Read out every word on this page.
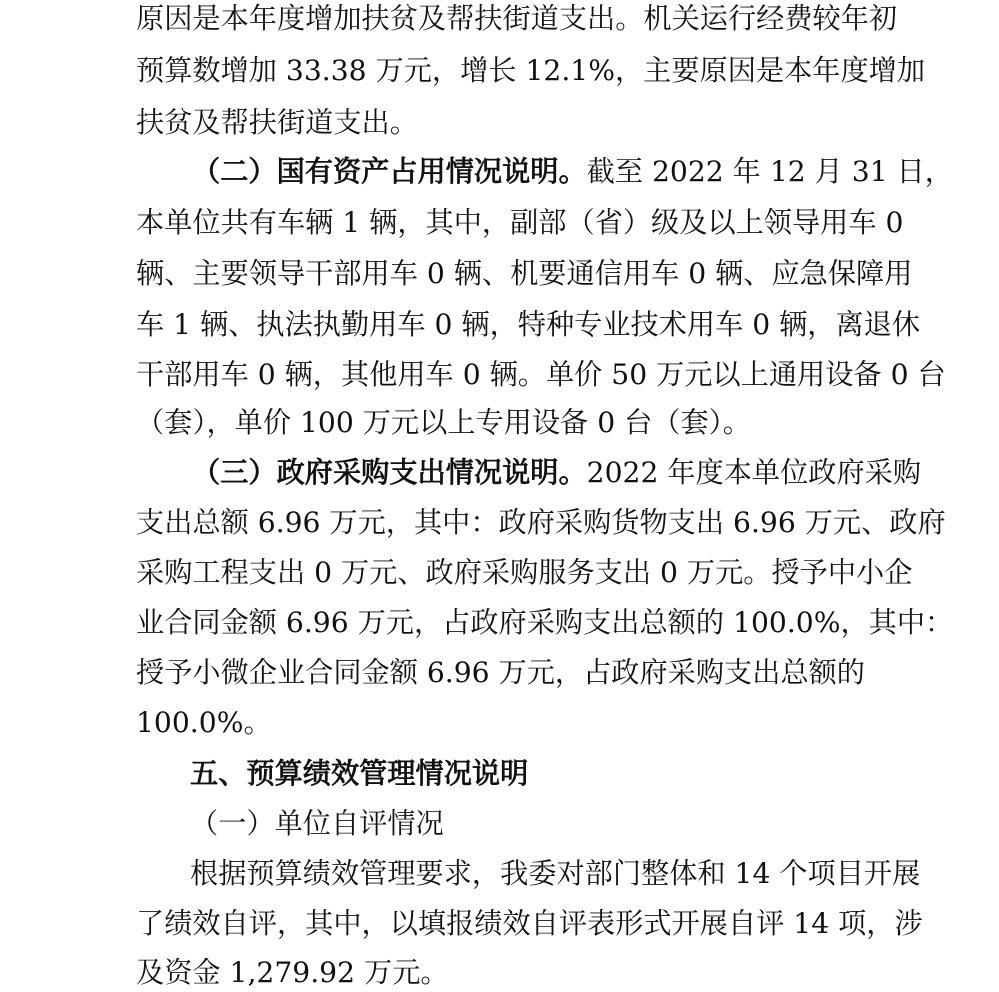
原因是本年度增加扶贫及帮扶街道支出。机关运行经费较年初
预算数增加 33.38 万元，增长 12.1%，主要原因是本年度增加
扶贫及帮扶街道支出。
（二）国有资产占用情况说明。截至 2022 年 12 月 31 日，
本单位共有车辆 1 辆，其中，副部（省）级及以上领导用车 0
辆、主要领导干部用车 0 辆、机要通信用车 0 辆、应急保障用
车 1 辆、执法执勤用车 0 辆，特种专业技术用车 0 辆，离退休
干部用车 0 辆，其他用车 0 辆。单价 50 万元以上通用设备 0 台
（套），单价 100 万元以上专用设备 0 台（套）。
（三）政府采购支出情况说明。2022 年度本单位政府采购
支出总额 6.96 万元，其中：政府采购货物支出 6.96 万元、政府
采购工程支出 0 万元、政府采购服务支出 0 万元。授予中小企
业合同金额 6.96 万元，占政府采购支出总额的 100.0%，其中：
授予小微企业合同金额 6.96 万元，占政府采购支出总额的
100.0%。
五、预算绩效管理情况说明
（一）单位自评情况
根据预算绩效管理要求，我委对部门整体和 14 个项目开展
了绩效自评，其中，以填报绩效自评表形式开展自评 14 项，涉
及资金 1,279.92 万元。
